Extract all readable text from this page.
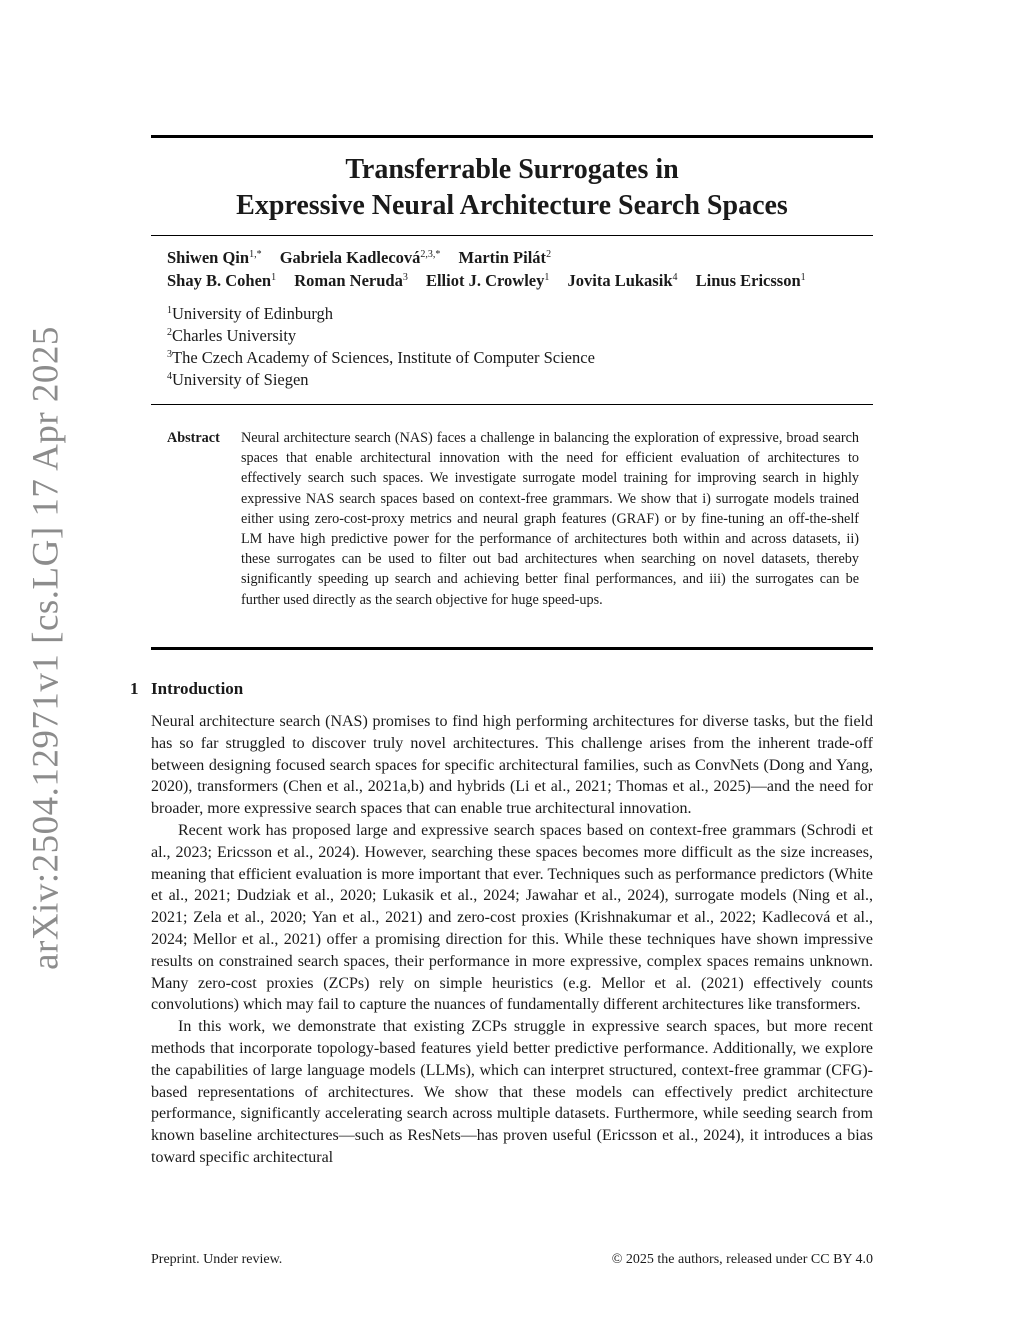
arXiv:2504.12971v1 [cs.LG] 17 Apr 2025
Transferrable Surrogates in
Expressive Neural Architecture Search Spaces
Shiwen Qin$^{1,*}$ Gabriela Kadlecová$^{2,3,*}$ Martin Pilát$^2$
Shay B. Cohen$^1$ Roman Neruda$^3$ Elliot J. Crowley$^1$ Jovita Lukasik$^4$ Linus Ericsson$^1$
$^1$University of Edinburgh
$^2$Charles University
$^3$The Czech Academy of Sciences, Institute of Computer Science
$^4$University of Siegen
Abstract Neural architecture search (NAS) faces a challenge in balancing the exploration of expressive, broad search spaces that enable architectural innovation with the need for efficient evaluation of architectures to effectively search such spaces. We investigate surrogate model training for improving search in highly expressive NAS search spaces based on context-free grammars. We show that i) surrogate models trained either using zero-cost-proxy metrics and neural graph features (GRAF) or by fine-tuning an off-the-shelf LM have high predictive power for the performance of architectures both within and across datasets, ii) these surrogates can be used to filter out bad architectures when searching on novel datasets, thereby significantly speeding up search and achieving better final performances, and iii) the surrogates can be further used directly as the search objective for huge speed-ups.
1 Introduction

Neural architecture search (NAS) promises to find high performing architectures for diverse tasks, but the field has so far struggled to discover truly novel architectures. This challenge arises from the inherent trade-off between designing focused search spaces for specific architectural families, such as ConvNets (Dong and Yang, 2020), transformers (Chen et al., 2021a,b) and hybrids (Li et al., 2021; Thomas et al., 2025)—and the need for broader, more expressive search spaces that can enable true architectural innovation.

Recent work has proposed large and expressive search spaces based on context-free grammars (Schrodi et al., 2023; Ericsson et al., 2024). However, searching these spaces becomes more difficult as the size increases, meaning that efficient evaluation is more important that ever. Techniques such as performance predictors (White et al., 2021; Dudziak et al., 2020; Lukasik et al., 2024; Jawahar et al., 2024), surrogate models (Ning et al., 2021; Zela et al., 2020; Yan et al., 2021) and zero-cost proxies (Krishnakumar et al., 2022; Kadlecová et al., 2024; Mellor et al., 2021) offer a promising direction for this. While these techniques have shown impressive results on constrained search spaces, their performance in more expressive, complex spaces remains unknown. Many zero-cost proxies (ZCPs) rely on simple heuristics (e.g. Mellor et al. (2021) effectively counts convolutions) which may fail to capture the nuances of fundamentally different architectures like transformers.

In this work, we demonstrate that existing ZCPs struggle in expressive search spaces, but more recent methods that incorporate topology-based features yield better predictive performance. Additionally, we explore the capabilities of large language models (LLMs), which can interpret structured, context-free grammar (CFG)-based representations of architectures. We show that these models can effectively predict architecture performance, significantly accelerating search across multiple datasets. Furthermore, while seeding search from known baseline architectures—such as ResNets—has proven useful (Ericsson et al., 2024), it introduces a bias toward specific architectural

Preprint. Under review.	© 2025 the authors, released under CC BY 4.0
